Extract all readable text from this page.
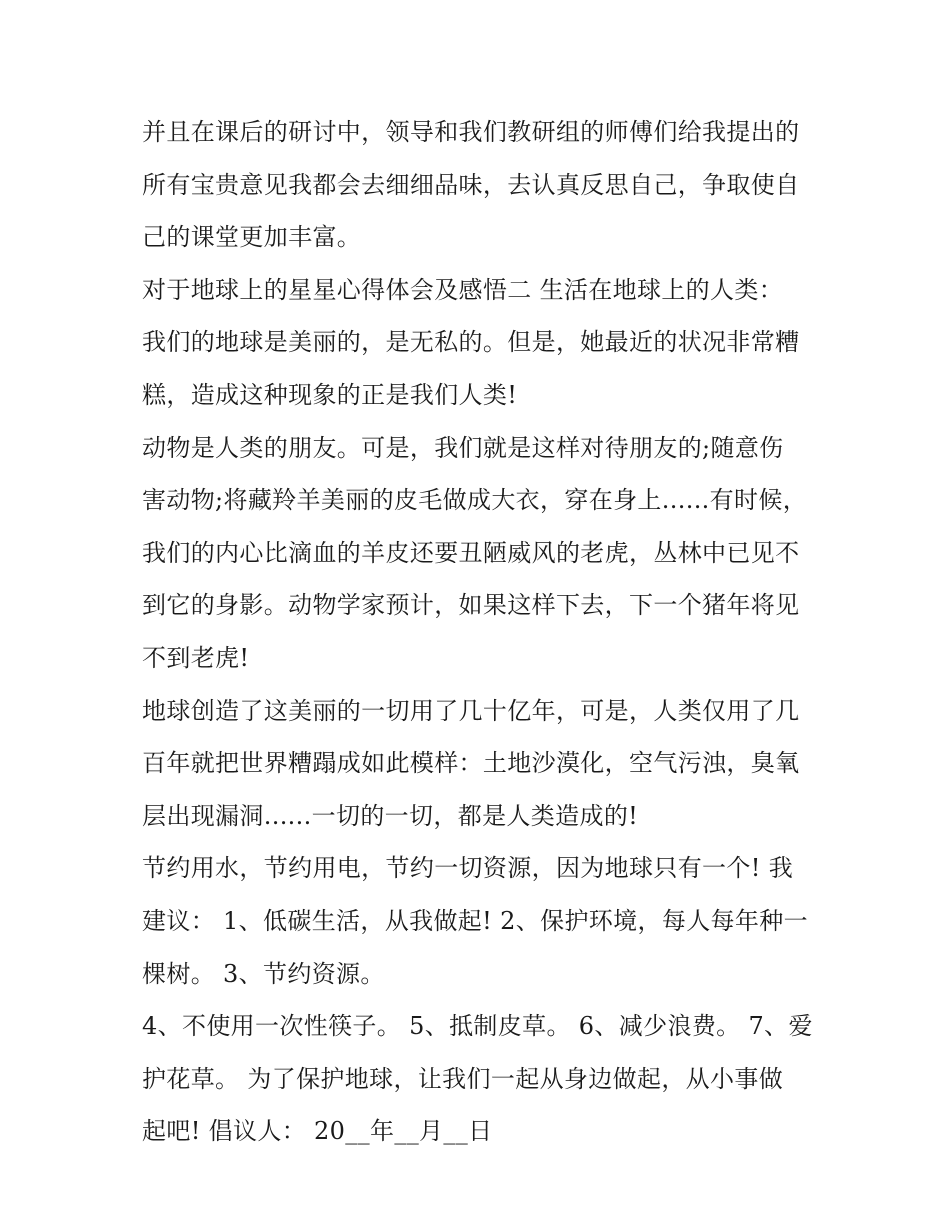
并且在课后的研讨中，领导和我们教研组的师傅们给我提出的
所有宝贵意见我都会去细细品味，去认真反思自己，争取使自
己的课堂更加丰富。

对于地球上的星星心得体会及感悟二 生活在地球上的人类：

我们的地球是美丽的，是无私的。但是，她最近的状况非常糟
糕，造成这种现象的正是我们人类!

动物是人类的朋友。可是，我们就是这样对待朋友的;随意伤
害动物;将藏羚羊美丽的皮毛做成大衣，穿在身上......有时候，
我们的内心比滴血的羊皮还要丑陋威风的老虎，丛林中已见不
到它的身影。动物学家预计，如果这样下去，下一个猪年将见
不到老虎!

地球创造了这美丽的一切用了几十亿年，可是，人类仅用了几
百年就把世界糟蹋成如此模样：土地沙漠化，空气污浊，臭氧
层出现漏洞......一切的一切，都是人类造成的!

节约用水，节约用电，节约一切资源，因为地球只有一个! 我
建议： 1、低碳生活，从我做起! 2、保护环境，每人每年种一
棵树。 3、节约资源。

4、不使用一次性筷子。 5、抵制皮草。 6、减少浪费。 7、爱
护花草。 为了保护地球，让我们一起从身边做起，从小事做
起吧! 倡议人： 20__年__月__日
